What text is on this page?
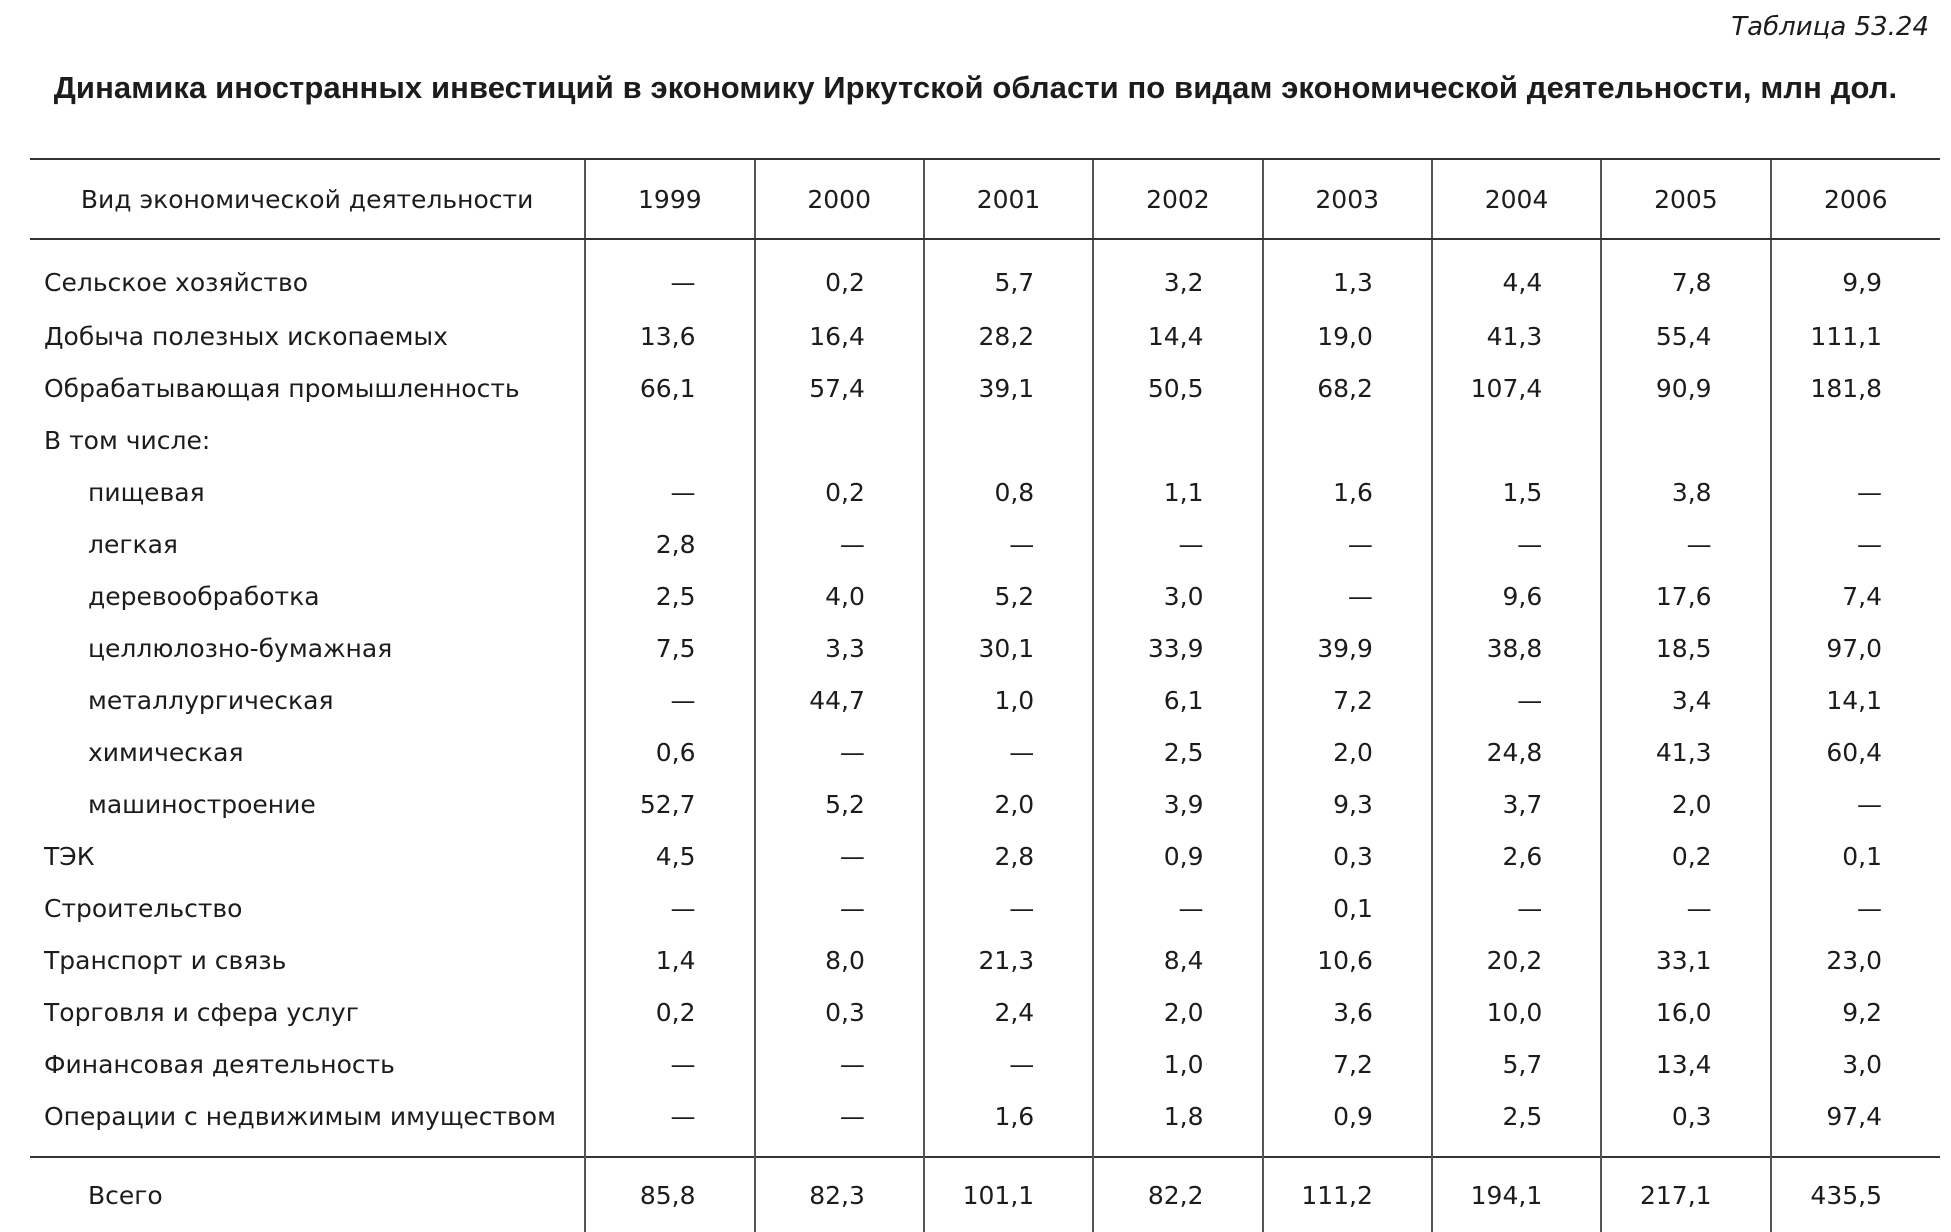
Таблица 53.24
Динамика иностранных инвестиций в экономику Иркутской области по видам экономической деятельности, млн дол.
Вид экономической деятельности	1999	2000	2001	2002	2003	2004	2005	2006
Сельское хозяйство	—	0,2	5,7	3,2	1,3	4,4	7,8	9,9
Добыча полезных ископаемых	13,6	16,4	28,2	14,4	19,0	41,3	55,4	111,1
Обрабатывающая промышленность	66,1	57,4	39,1	50,5	68,2	107,4	90,9	181,8
В том числе:								
пищевая	—	0,2	0,8	1,1	1,6	1,5	3,8	—
легкая	2,8	—	—	—	—	—	—	—
деревообработка	2,5	4,0	5,2	3,0	—	9,6	17,6	7,4
целлюлозно-бумажная	7,5	3,3	30,1	33,9	39,9	38,8	18,5	97,0
металлургическая	—	44,7	1,0	6,1	7,2	—	3,4	14,1
химическая	0,6	—	—	2,5	2,0	24,8	41,3	60,4
машиностроение	52,7	5,2	2,0	3,9	9,3	3,7	2,0	—
ТЭК	4,5	—	2,8	0,9	0,3	2,6	0,2	0,1
Строительство	—	—	—	—	0,1	—	—	—
Транспорт и связь	1,4	8,0	21,3	8,4	10,6	20,2	33,1	23,0
Торговля и сфера услуг	0,2	0,3	2,4	2,0	3,6	10,0	16,0	9,2
Финансовая деятельность	—	—	—	1,0	7,2	5,7	13,4	3,0
Операции с недвижимым имуществом	—	—	1,6	1,8	0,9	2,5	0,3	97,4
Всего	85,8	82,3	101,1	82,2	111,2	194,1	217,1	435,5
